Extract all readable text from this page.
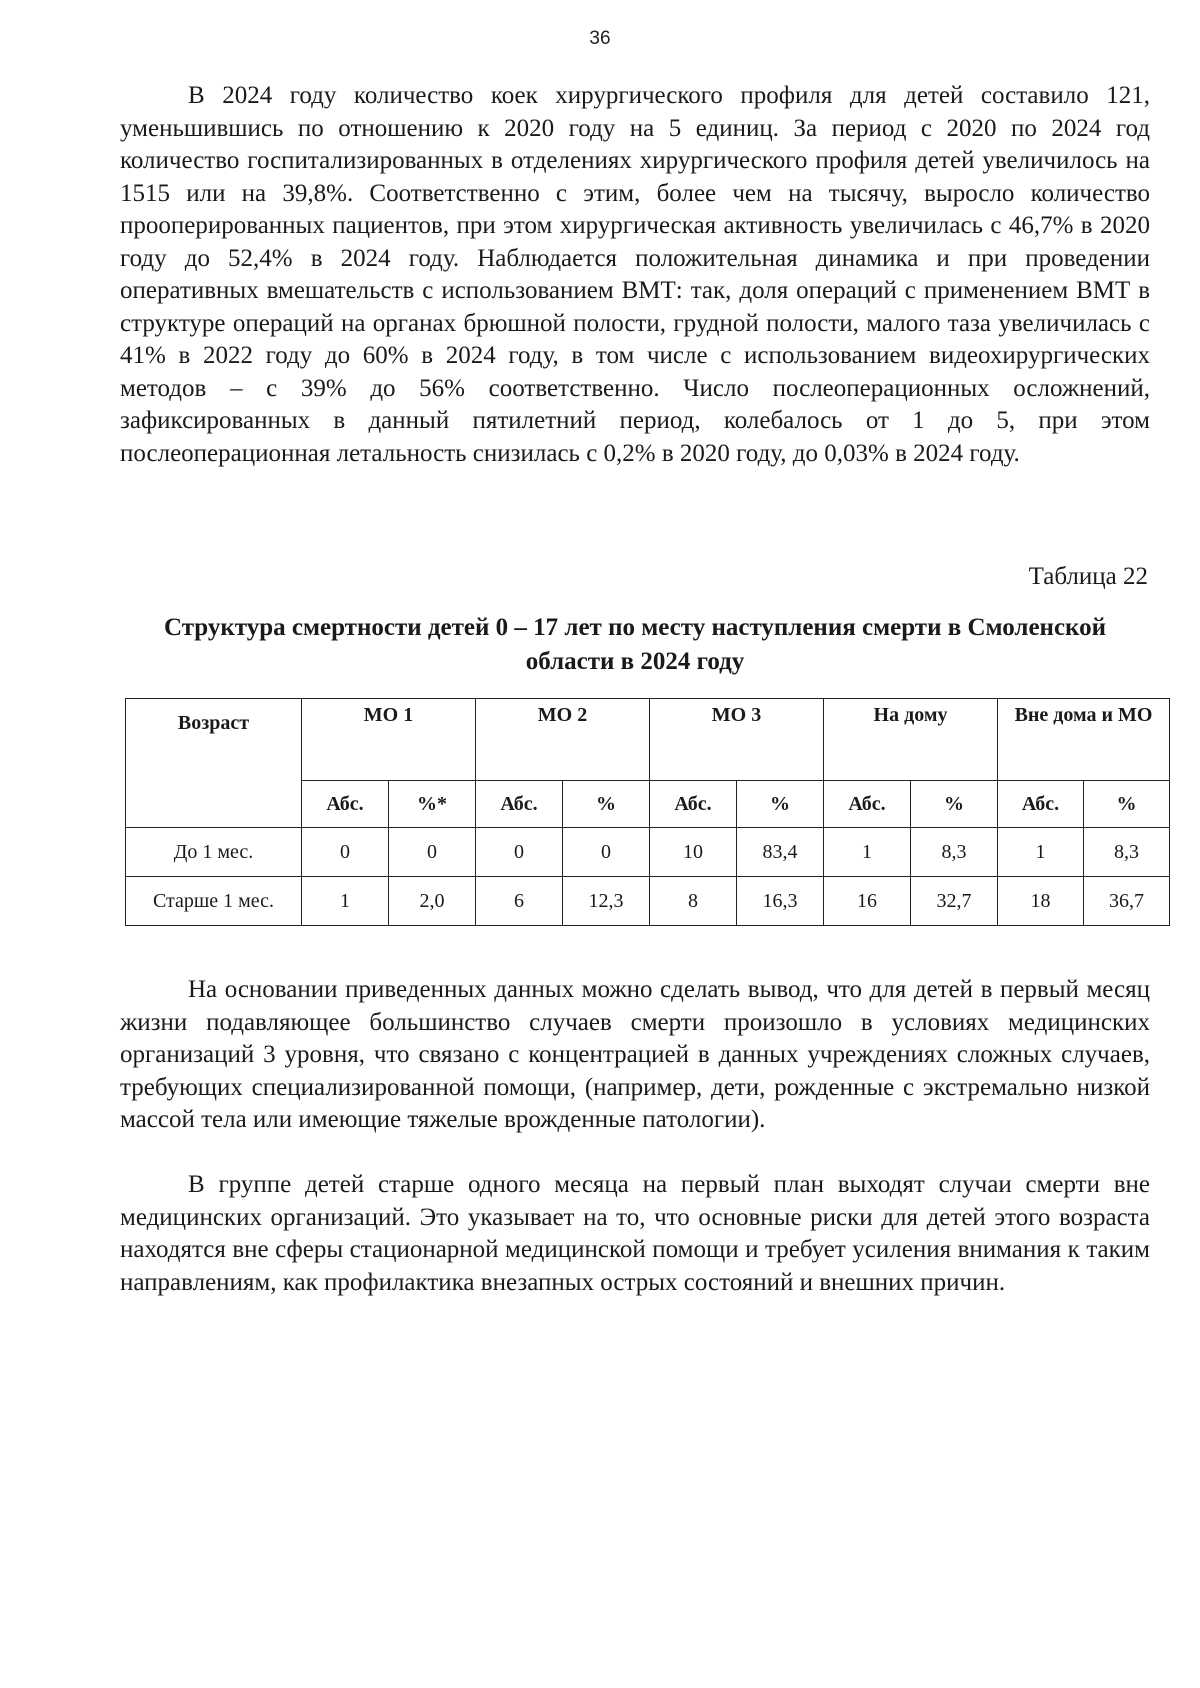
36

В 2024 году количество коек хирургического профиля для детей составило 121, уменьшившись по отношению к 2020 году на 5 единиц. За период с 2020 по 2024 год количество госпитализированных в отделениях хирургического профиля детей увеличилось на 1515 или на 39,8%. Соответственно с этим, более чем на тысячу, выросло количество прооперированных пациентов, при этом хирургическая активность увеличилась с 46,7% в 2020 году до 52,4% в 2024 году. Наблюдается положительная динамика и при проведении оперативных вмешательств с использованием ВМТ: так, доля операций с применением ВМТ в структуре операций на органах брюшной полости, грудной полости, малого таза увеличилась с 41% в 2022 году до 60% в 2024 году, в том числе с использованием видеохирургических методов – с 39% до 56% соответственно. Число послеоперационных осложнений, зафиксированных в данный пятилетний период, колебалось от 1 до 5, при этом послеоперационная летальность снизилась с 0,2% в 2020 году, до 0,03% в 2024 году.

Таблица 22

Структура смертности детей 0 – 17 лет по месту наступления смерти в Смоленской области в 2024 году

Возраст	МО 1		МО 2		МО 3		На дому		Вне дома и МО	
	Абс.	%*	Абс.	%	Абс.	%	Абс.	%	Абс.	%
До 1 мес.	0	0	0	0	10	83,4	1	8,3	1	8,3
Старше 1 мес.	1	2,0	6	12,3	8	16,3	16	32,7	18	36,7

На основании приведенных данных можно сделать вывод, что для детей в первый месяц жизни подавляющее большинство случаев смерти произошло в условиях медицинских организаций 3 уровня, что связано с концентрацией в данных учреждениях сложных случаев, требующих специализированной помощи, (например, дети, рожденные с экстремально низкой массой тела или имеющие тяжелые врожденные патологии).

В группе детей старше одного месяца на первый план выходят случаи смерти вне медицинских организаций. Это указывает на то, что основные риски для детей этого возраста находятся вне сферы стационарной медицинской помощи и требует усиления внимания к таким направлениям, как профилактика внезапных острых состояний и внешних причин.
